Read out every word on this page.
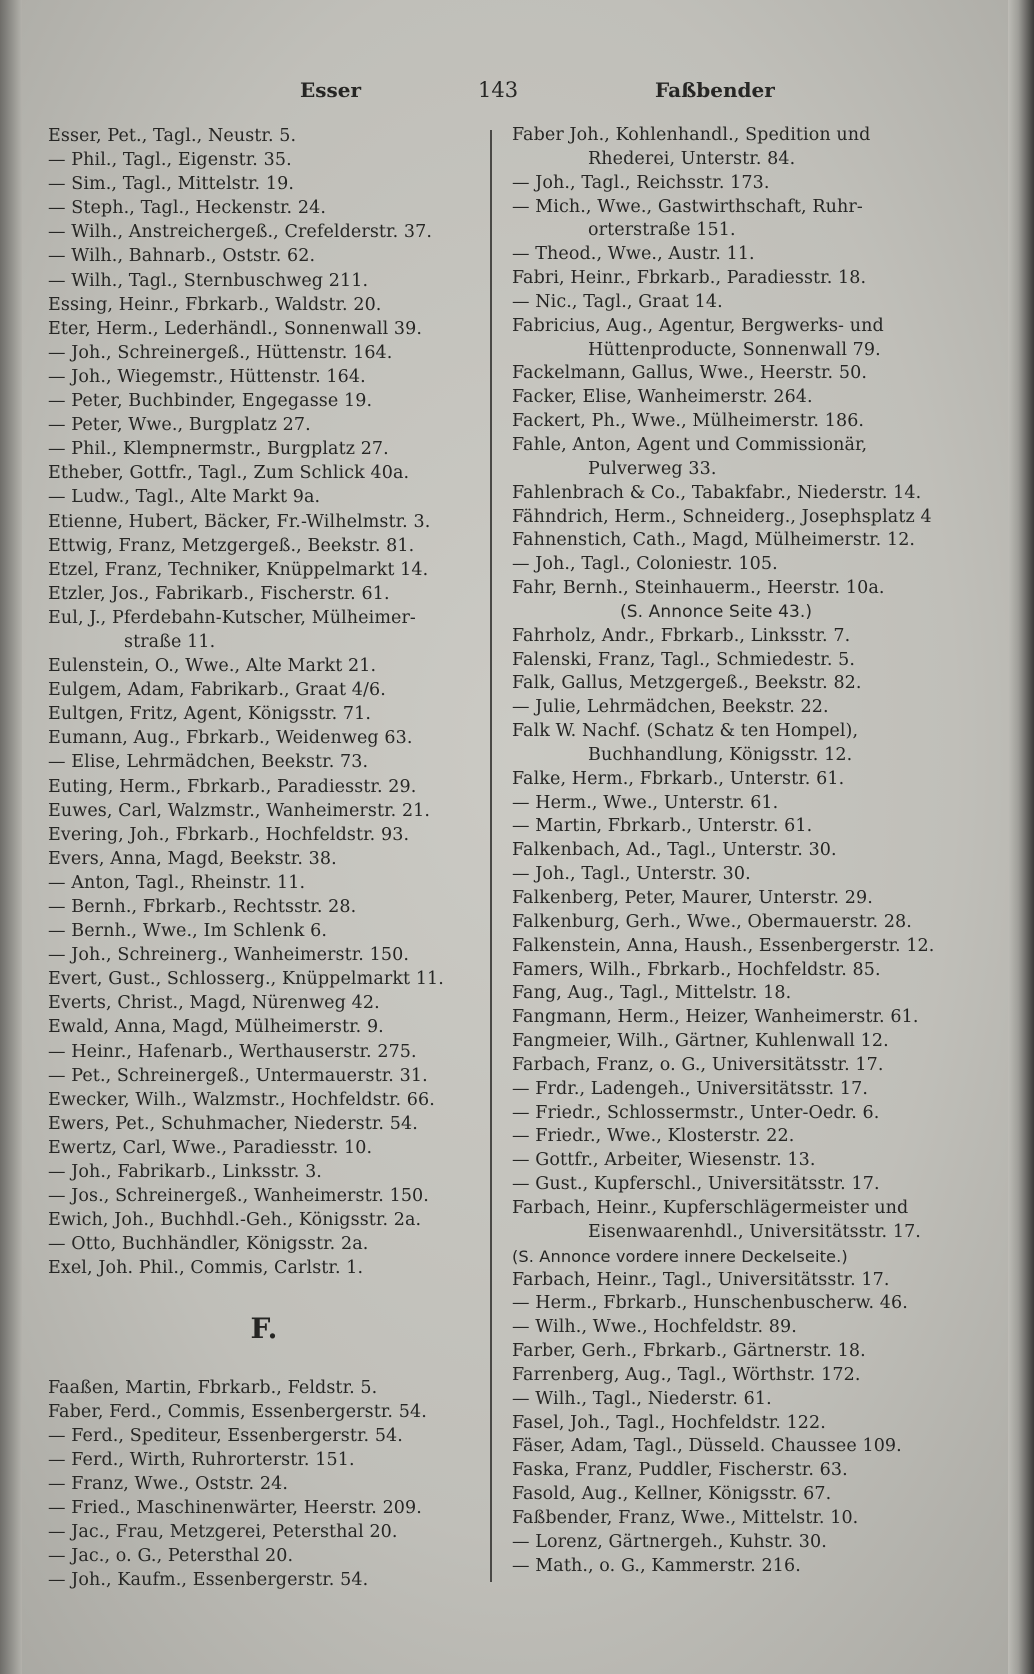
Esser	143	Faßbender
Esser, Pet., Tagl., Neustr. 5.
— Phil., Tagl., Eigenstr. 35.
— Sim., Tagl., Mittelstr. 19.
— Steph., Tagl., Heckenstr. 24.
— Wilh., Anstreichergeß., Crefelderstr. 37.
— Wilh., Bahnarb., Oststr. 62.
— Wilh., Tagl., Sternbuschweg 211.
Essing, Heinr., Fbrkarb., Waldstr. 20.
Eter, Herm., Lederhändl., Sonnenwall 39.
— Joh., Schreinergeß., Hüttenstr. 164.
— Joh., Wiegemstr., Hüttenstr. 164.
— Peter, Buchbinder, Engegasse 19.
— Peter, Wwe., Burgplatz 27.
— Phil., Klempnermstr., Burgplatz 27.
Etheber, Gottfr., Tagl., Zum Schlick 40a.
— Ludw., Tagl., Alte Markt 9a.
Etienne, Hubert, Bäcker, Fr.-Wilhelmstr. 3.
Ettwig, Franz, Metzgergeß., Beekstr. 81.
Etzel, Franz, Techniker, Knüppelmarkt 14.
Etzler, Jos., Fabrikarb., Fischerstr. 61.
Eul, J., Pferdebahn-Kutscher, Mülheimer-
straße 11.
Eulenstein, O., Wwe., Alte Markt 21.
Eulgem, Adam, Fabrikarb., Graat 4/6.
Eultgen, Fritz, Agent, Königsstr. 71.
Eumann, Aug., Fbrkarb., Weidenweg 63.
— Elise, Lehrmädchen, Beekstr. 73.
Euting, Herm., Fbrkarb., Paradiesstr. 29.
Euwes, Carl, Walzmstr., Wanheimerstr. 21.
Evering, Joh., Fbrkarb., Hochfeldstr. 93.
Evers, Anna, Magd, Beekstr. 38.
— Anton, Tagl., Rheinstr. 11.
— Bernh., Fbrkarb., Rechtsstr. 28.
— Bernh., Wwe., Im Schlenk 6.
— Joh., Schreinerg., Wanheimerstr. 150.
Evert, Gust., Schlosserg., Knüppelmarkt 11.
Everts, Christ., Magd, Nürenweg 42.
Ewald, Anna, Magd, Mülheimerstr. 9.
— Heinr., Hafenarb., Werthauserstr. 275.
— Pet., Schreinergeß., Untermauerstr. 31.
Ewecker, Wilh., Walzmstr., Hochfeldstr. 66.
Ewers, Pet., Schuhmacher, Niederstr. 54.
Ewertz, Carl, Wwe., Paradiesstr. 10.
— Joh., Fabrikarb., Linksstr. 3.
— Jos., Schreinergeß., Wanheimerstr. 150.
Ewich, Joh., Buchhdl.-Geh., Königsstr. 2a.
— Otto, Buchhändler, Königsstr. 2a.
Exel, Joh. Phil., Commis, Carlstr. 1.
F.
Faaßen, Martin, Fbrkarb., Feldstr. 5.
Faber, Ferd., Commis, Essenbergerstr. 54.
— Ferd., Spediteur, Essenbergerstr. 54.
— Ferd., Wirth, Ruhrorterstr. 151.
— Franz, Wwe., Oststr. 24.
— Fried., Maschinenwärter, Heerstr. 209.
— Jac., Frau, Metzgerei, Petersthal 20.
— Jac., o. G., Petersthal 20.
— Joh., Kaufm., Essenbergerstr. 54.
Faber Joh., Kohlenhandl., Spedition und
Rhederei, Unterstr. 84.
— Joh., Tagl., Reichsstr. 173.
— Mich., Wwe., Gastwirthschaft, Ruhr-
orterstraße 151.
— Theod., Wwe., Austr. 11.
Fabri, Heinr., Fbrkarb., Paradiesstr. 18.
— Nic., Tagl., Graat 14.
Fabricius, Aug., Agentur, Bergwerks- und
Hüttenproducte, Sonnenwall 79.
Fackelmann, Gallus, Wwe., Heerstr. 50.
Facker, Elise, Wanheimerstr. 264.
Fackert, Ph., Wwe., Mülheimerstr. 186.
Fahle, Anton, Agent und Commissionär,
Pulverweg 33.
Fahlenbrach & Co., Tabakfabr., Niederstr. 14.
Fähndrich, Herm., Schneiderg., Josephsplatz 4
Fahnenstich, Cath., Magd, Mülheimerstr. 12.
— Joh., Tagl., Coloniestr. 105.
Fahr, Bernh., Steinhauerm., Heerstr. 10a.
(S. Annonce Seite 43.)
Fahrholz, Andr., Fbrkarb., Linksstr. 7.
Falenski, Franz, Tagl., Schmiedestr. 5.
Falk, Gallus, Metzgergeß., Beekstr. 82.
— Julie, Lehrmädchen, Beekstr. 22.
Falk W. Nachf. (Schatz & ten Hompel),
Buchhandlung, Königsstr. 12.
Falke, Herm., Fbrkarb., Unterstr. 61.
— Herm., Wwe., Unterstr. 61.
— Martin, Fbrkarb., Unterstr. 61.
Falkenbach, Ad., Tagl., Unterstr. 30.
— Joh., Tagl., Unterstr. 30.
Falkenberg, Peter, Maurer, Unterstr. 29.
Falkenburg, Gerh., Wwe., Obermauerstr. 28.
Falkenstein, Anna, Haush., Essenbergerstr. 12.
Famers, Wilh., Fbrkarb., Hochfeldstr. 85.
Fang, Aug., Tagl., Mittelstr. 18.
Fangmann, Herm., Heizer, Wanheimerstr. 61.
Fangmeier, Wilh., Gärtner, Kuhlenwall 12.
Farbach, Franz, o. G., Universitätsstr. 17.
— Frdr., Ladengeh., Universitätsstr. 17.
— Friedr., Schlossermstr., Unter-Oedr. 6.
— Friedr., Wwe., Klosterstr. 22.
— Gottfr., Arbeiter, Wiesenstr. 13.
— Gust., Kupferschl., Universitätsstr. 17.
Farbach, Heinr., Kupferschlägermeister und
Eisenwaarenhdl., Universitätsstr. 17.
(S. Annonce vordere innere Deckelseite.)
Farbach, Heinr., Tagl., Universitätsstr. 17.
— Herm., Fbrkarb., Hunschenbuscherw. 46.
— Wilh., Wwe., Hochfeldstr. 89.
Farber, Gerh., Fbrkarb., Gärtnerstr. 18.
Farrenberg, Aug., Tagl., Wörthstr. 172.
— Wilh., Tagl., Niederstr. 61.
Fasel, Joh., Tagl., Hochfeldstr. 122.
Fäser, Adam, Tagl., Düsseld. Chaussee 109.
Faska, Franz, Puddler, Fischerstr. 63.
Fasold, Aug., Kellner, Königsstr. 67.
Faßbender, Franz, Wwe., Mittelstr. 10.
— Lorenz, Gärtnergeh., Kuhstr. 30.
— Math., o. G., Kammerstr. 216.
